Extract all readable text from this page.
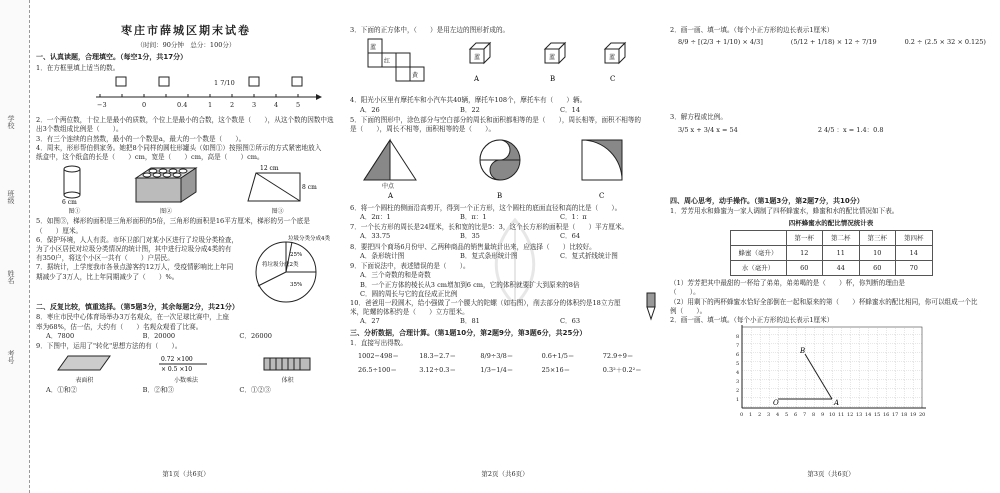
学校
班级
姓名
考号
枣庄市薛城区期末试卷
（时间：90分钟　总分：100分）
一、认真读题，合理填空。（每空1分，共17分）
1．在方框里填上适当的数。
−3	0	0.4	1	2	3	4	5
1 7/10
2．一个两位数，十位上是最小的质数，个位上是最小的合数，这个数是（　　），从这个数的因数中选
出3个数组成比例是（　　）。
3．有三个连续的自然数，最小的一个数是a，最大的一个数是（　　）。
4．周末，形形帮伯俱家务。她把8个同样的圆柱形罐头（如图①）按照图②所示的方式紧密地放入
纸盒中，这个纸盒的长是（　　）cm，宽是（　　）cm，高是（　　）cm。
6 cm
图①	图②
12 cm
8 cm
图③
5．如图③，梯形的面积是三角形面积的5倍，三角形的面积是16平方厘米，梯形的另一个底是
（　　）厘米。
6．保护环境，人人有责。市环卫部门对某小区进行了垃圾分类检查，
为了小区居民对垃圾分类情况的统计图，其中进行垃圾分成4类的有
有350户，将这个小区一共有（　　）户居民。
7．据统计，上学度我市各景点游客约12万人，受疫情影响比上年同
期减少了3万人，比上年同期减少了（　　）%。
垃圾分类分成4类
25%
将垃圾分成2类
35%
二、反复比较，慎重选择。（第5题3分，其余每题2分，共21分）
8．枣庄市民中心体育场举办3万名观众，在一次足球比赛中，上座
率为68%，估一估，大约有（　　）名观众观看了比赛。
A．7800	B．20000	C．26000
9．下图中，运用了"转化"思想方法的有（　　）。
表面积
0.72 ×100
× 0.5 ×10
小数乘法	体积
A．①和②	B．②和③	C．①②③
第1页（共6页）
3．下面的正方体中，（　　）是用左边的图形折成的。
红
黄
蓝
蓝	蓝	蓝
A	B	C
4．阳光小区里有摩托车和小汽车共40辆，摩托车108个，摩托车有（　　）辆。
A．26	B．22	C．14
5．下面的图形中，涂色部分与空白部分的周长和面积都相等的是（　　），周长相等，面积不相等的
是（　　），周长不相等，面积相等的是（　　）。
中点
A	B	C
6．将一个圆柱的侧面沿高剪开，得到一个正方形，这个圆柱的底面直径和高的比是（　　）。
A．2π：1	B．π：1	C．1：π
7．一个长方形的周长是24厘米，长和宽的比是5：3，这个长方形的面积是（　　）平方厘米。
A．33.75	B．35	C．64
8．要把四个商场6月份甲、乙两种商品的销售量统计出来，应选择（　　）比较好。
A．条形统计图	B．复式条形统计图	C．复式折线统计图
9．下面说法中，表述错误的是（　　）。
A．三个奇数的和是奇数
B．一个正方体的棱长从3 cm增加到6 cm，它的体积就要扩大到原来的8倍
C．圆的周长与它的直径成正比例
10．爸爸用一段圆木，给小强做了一个腰大的陀螺（如右图），削去部分的体积约是18立方厘
米，陀螺的体积约是（　　）立方厘米。
A．27	B．81	C．63
三、分析数据，合理计算。（第1题10分，第2题9分，第3题6分，共25分）
1．直接写出得数。
1002−498＝	18.3−2.7＝	8/9÷3/8＝	0.6+1/5＝	72.9÷9＝
26.5÷100＝	3.12÷0.3＝	1/3−1/4＝	25×16＝	0.3²＋0.2²＝
第2页（共6页）
2．画一画、填一填。（每个小正方形的边长表示1厘米）
8/9 ÷ [(2/3 + 1/10) × 4/3]	(5/12 + 1/18) × 12 ÷ 7/19	0.2 ÷ (2.5 × 32 × 0.125)
3．解方程或比例。
3/5 x + 3/4 x = 54	2 4/5 ：x = 1.4：0.8
四、周心思考，动手操作。（第1题3分，第2题7分，共10分）
1．芳芳用水和蜂蜜为一家人调制了四杯蜂蜜水，蜂蜜和水的配比情况如下表。
四杯蜂蜜水的配比情况统计表
	第一杯	第二杯	第三杯	第四杯
蜂蜜（毫升）	12	11	10	14
水（毫升）	60	44	60	70
（1）芳芳把其中最甜的一杯给了弟弟，弟弟喝的是（　　）杯，你判断的理由是
（　　）。
（2）用剩下的两杯蜂蜜水恰好全部倒在一起和原来的第（　　）杯蜂蜜水的配比相同，你可以组成一个比
例（　　）。
2．画一画、填一填。（每个小正方形的边长表示1厘米）
B
O	A
0 1 2 3 4 5 6 7 8 9 10 11 12 13 14 15 16 17 18 19 20
1
2
3
4
5
6
7
8
第3页（共6页）
